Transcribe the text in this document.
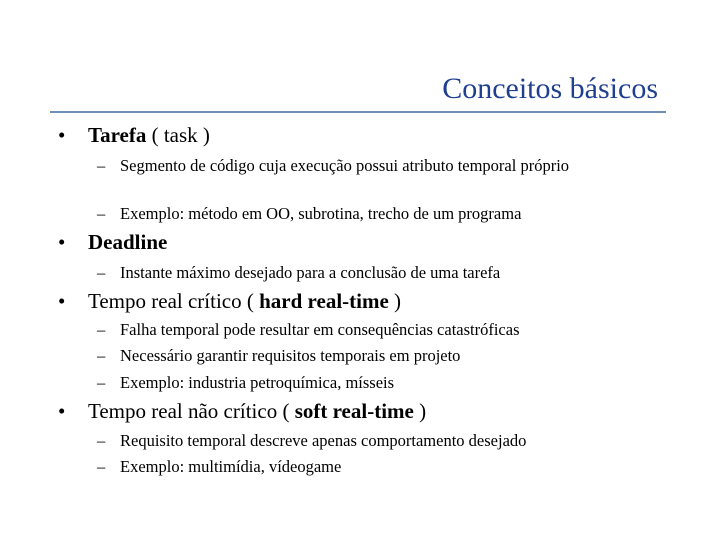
Conceitos básicos
• Tarefa ( task )
– Segmento de código cuja execução possui atributo temporal próprio
– Exemplo: método em OO, subrotina, trecho de um programa
• Deadline
– Instante máximo desejado para a conclusão de uma tarefa
• Tempo real crítico ( hard real-time )
– Falha temporal pode resultar em consequências catastróficas
– Necessário garantir requisitos temporais em projeto
– Exemplo: industria petroquímica, mísseis
• Tempo real não crítico ( soft real-time )
– Requisito temporal descreve apenas comportamento desejado
– Exemplo: multimídia, vídeogame
